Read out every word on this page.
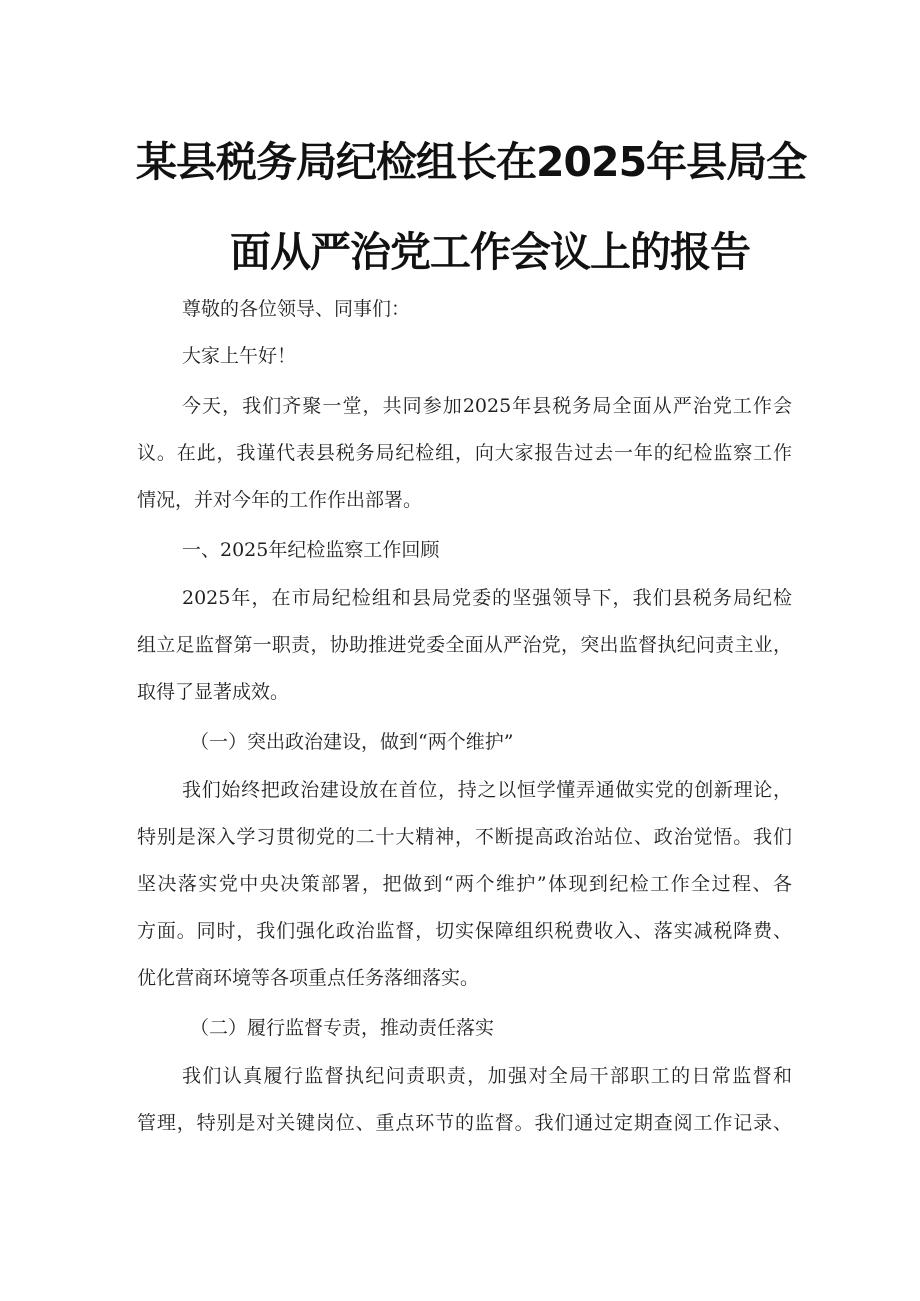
某县税务局纪检组长在2025年县局全
面从严治党工作会议上的报告
尊敬的各位领导、同事们：
大家上午好！
今天，我们齐聚一堂，共同参加2025年县税务局全面从严治党工作会
议。在此，我谨代表县税务局纪检组，向大家报告过去一年的纪检监察工作
情况，并对今年的工作作出部署。
一、2025年纪检监察工作回顾
2025年，在市局纪检组和县局党委的坚强领导下，我们县税务局纪检
组立足监督第一职责，协助推进党委全面从严治党，突出监督执纪问责主业，
取得了显著成效。
（一）突出政治建设，做到“两个维护”
我们始终把政治建设放在首位，持之以恒学懂弄通做实党的创新理论，
特别是深入学习贯彻党的二十大精神，不断提高政治站位、政治觉悟。我们
坚决落实党中央决策部署，把做到“两个维护”体现到纪检工作全过程、各
方面。同时，我们强化政治监督，切实保障组织税费收入、落实减税降费、
优化营商环境等各项重点任务落细落实。
（二）履行监督专责，推动责任落实
我们认真履行监督执纪问责职责，加强对全局干部职工的日常监督和
管理，特别是对关键岗位、重点环节的监督。我们通过定期查阅工作记录、
